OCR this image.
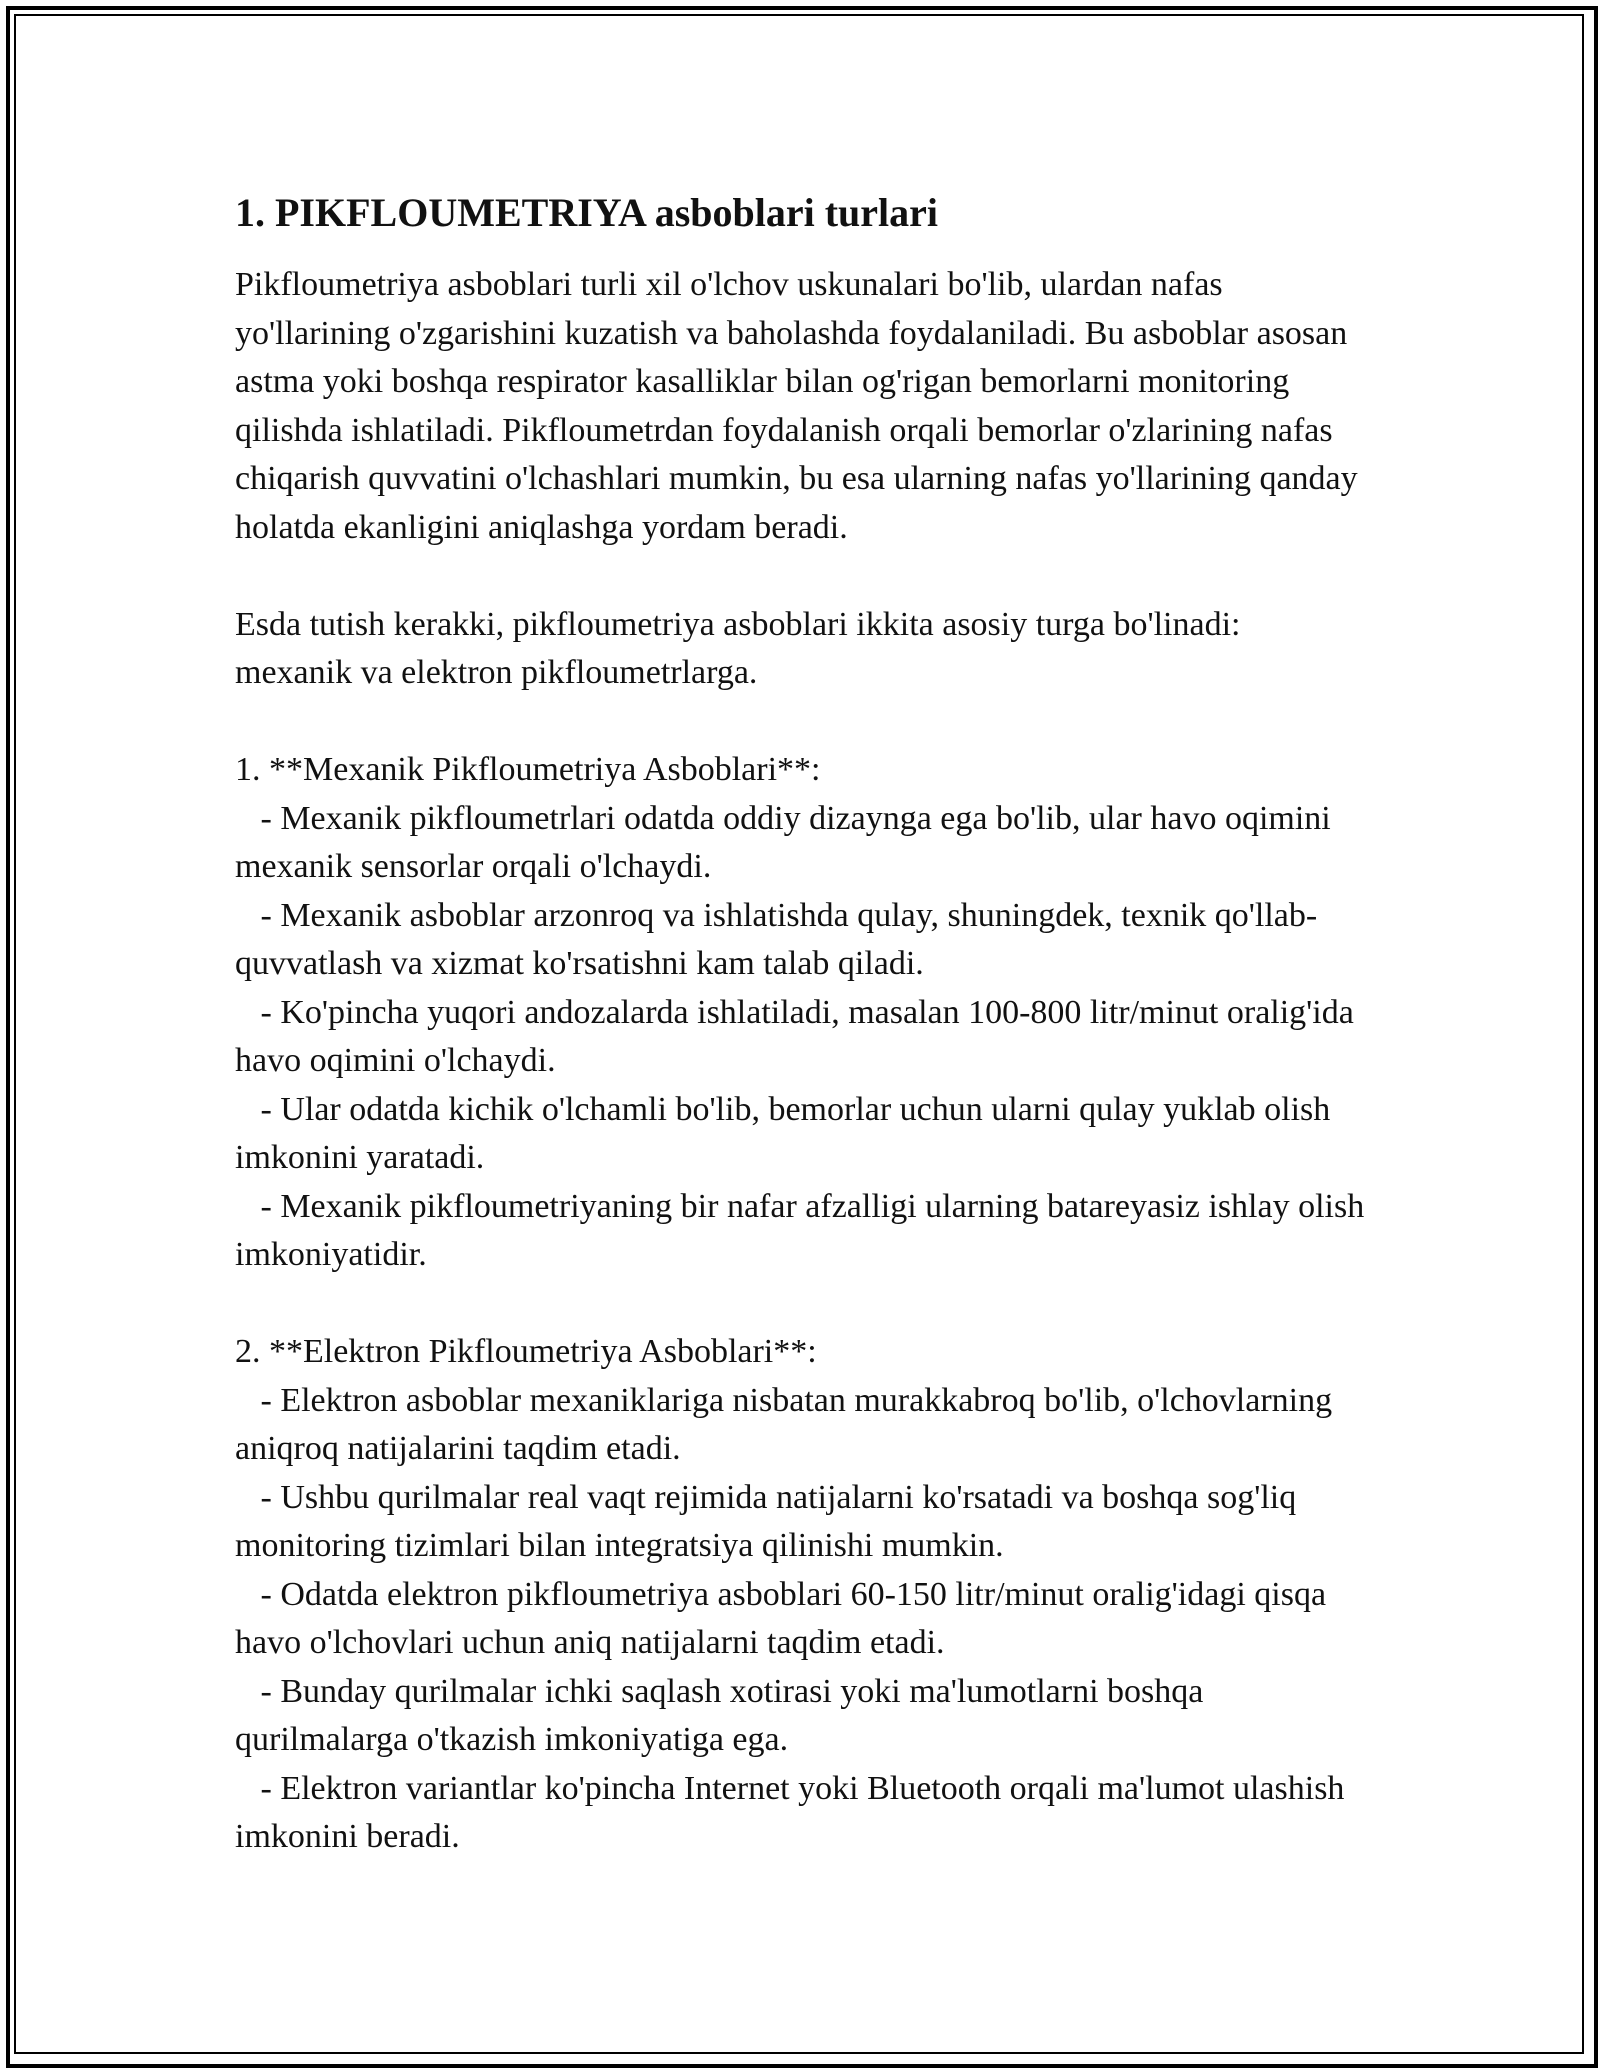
1. PIKFLOUMETRIYA asboblari turlari

Pikfloumetriya asboblari turli xil o'lchov uskunalari bo'lib, ulardan nafas yo'llarining o'zgarishini kuzatish va baholashda foydalaniladi. Bu asboblar asosan astma yoki boshqa respirator kasalliklar bilan og'rigan bemorlarni monitoring qilishda ishlatiladi. Pikfloumetrdan foydalanish orqali bemorlar o'zlarining nafas chiqarish quvvatini o'lchashlari mumkin, bu esa ularning nafas yo'llarining qanday holatda ekanligini aniqlashga yordam beradi.

Esda tutish kerakki, pikfloumetriya asboblari ikkita asosiy turga bo'linadi: mexanik va elektron pikfloumetrlarga.

1. **Mexanik Pikfloumetriya Asboblari**:

- Mexanik pikfloumetrlari odatda oddiy dizaynga ega bo'lib, ular havo oqimini mexanik sensorlar orqali o'lchaydi.

- Mexanik asboblar arzonroq va ishlatishda qulay, shuningdek, texnik qo'llab-quvvatlash va xizmat ko'rsatishni kam talab qiladi.

- Ko'pincha yuqori andozalarda ishlatiladi, masalan 100-800 litr/minut oralig'ida havo oqimini o'lchaydi.

- Ular odatda kichik o'lchamli bo'lib, bemorlar uchun ularni qulay yuklab olish imkonini yaratadi.

- Mexanik pikfloumetriyaning bir nafar afzalligi ularning batareyasiz ishlay olish imkoniyatidir.

2. **Elektron Pikfloumetriya Asboblari**:

- Elektron asboblar mexaniklariga nisbatan murakkabroq bo'lib, o'lchovlarning aniqroq natijalarini taqdim etadi.

- Ushbu qurilmalar real vaqt rejimida natijalarni ko'rsatadi va boshqa sog'liq monitoring tizimlari bilan integratsiya qilinishi mumkin.

- Odatda elektron pikfloumetriya asboblari 60-150 litr/minut oralig'idagi qisqa havo o'lchovlari uchun aniq natijalarni taqdim etadi.

- Bunday qurilmalar ichki saqlash xotirasi yoki ma'lumotlarni boshqa qurilmalarga o'tkazish imkoniyatiga ega.

- Elektron variantlar ko'pincha Internet yoki Bluetooth orqali ma'lumot ulashish imkonini beradi.
